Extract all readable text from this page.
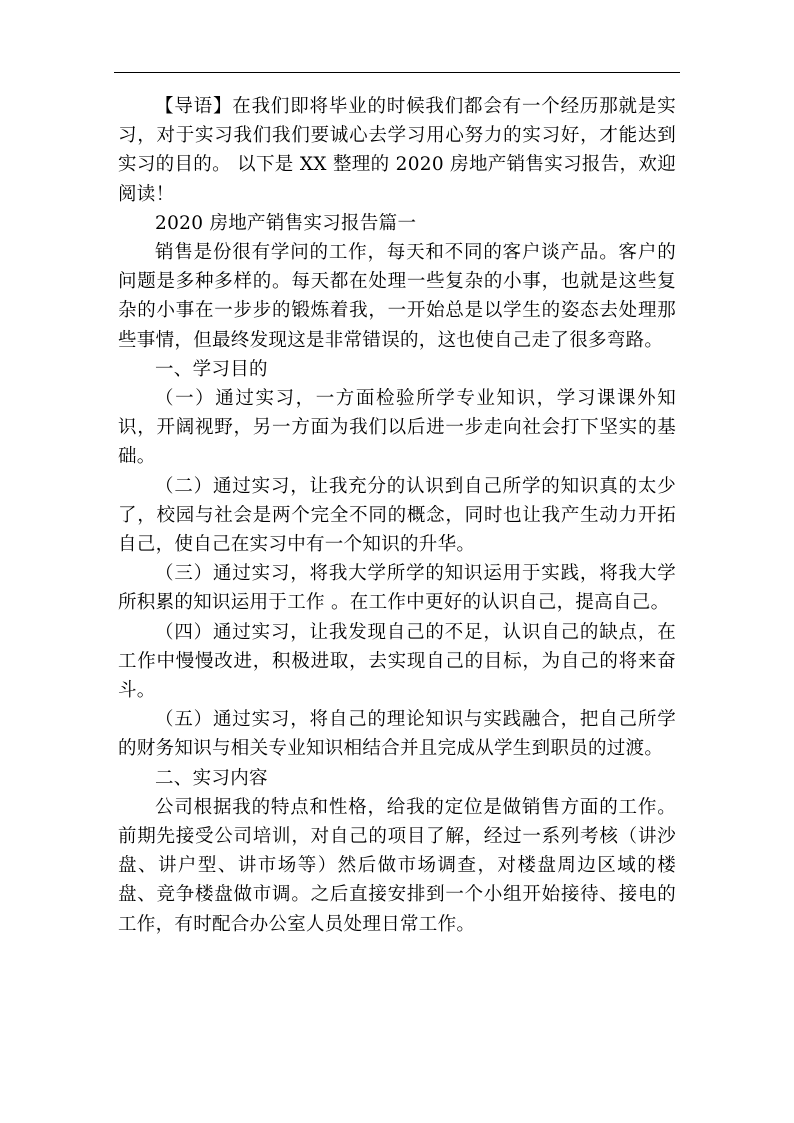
【导语】在我们即将毕业的时候我们都会有一个经历那就是实习，对于实习我们我们要诚心去学习用心努力的实习好，才能达到实习的目的。 以下是 XX 整理的 2020 房地产销售实习报告，欢迎阅读！

2020 房地产销售实习报告篇一

销售是份很有学问的工作，每天和不同的客户谈产品。客户的问题是多种多样的。每天都在处理一些复杂的小事，也就是这些复杂的小事在一步步的锻炼着我，一开始总是以学生的姿态去处理那些事情，但最终发现这是非常错误的，这也使自己走了很多弯路。

一、学习目的

（一）通过实习，一方面检验所学专业知识，学习课课外知识，开阔视野，另一方面为我们以后进一步走向社会打下坚实的基础。

（二）通过实习，让我充分的认识到自己所学的知识真的太少了，校园与社会是两个完全不同的概念，同时也让我产生动力开拓自己，使自己在实习中有一个知识的升华。

（三）通过实习，将我大学所学的知识运用于实践，将我大学所积累的知识运用于工作 。在工作中更好的认识自己，提高自己。

（四）通过实习，让我发现自己的不足，认识自己的缺点，在工作中慢慢改进，积极进取，去实现自己的目标，为自己的将来奋斗。

（五）通过实习，将自己的理论知识与实践融合，把自己所学的财务知识与相关专业知识相结合并且完成从学生到职员的过渡。

二、实习内容

公司根据我的特点和性格，给我的定位是做销售方面的工作。前期先接受公司培训，对自己的项目了解，经过一系列考核（讲沙盘、讲户型、讲市场等）然后做市场调查，对楼盘周边区域的楼盘、竞争楼盘做市调。之后直接安排到一个小组开始接待、接电的工作，有时配合办公室人员处理日常工作。
